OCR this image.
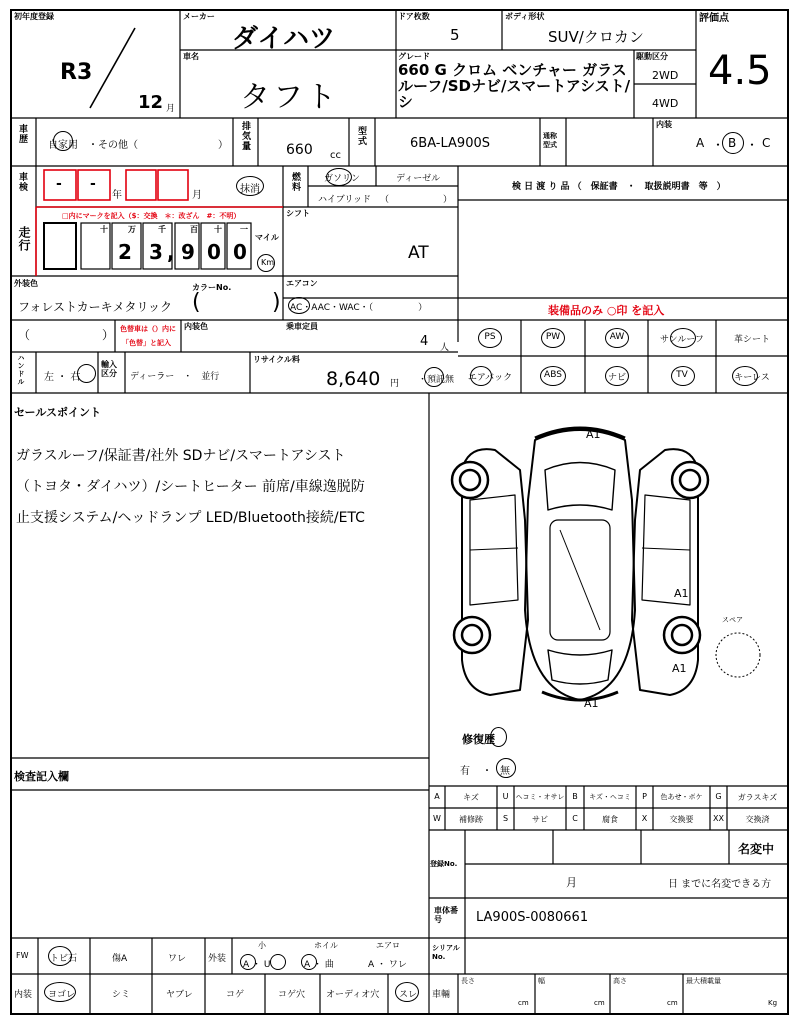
初年度登録
R3
12 月
メーカー
ダイハツ
ドア枚数
5
ボディ形状
SUV/クロカン
評価点
4.5
車名
タフト
グレード
660 G クロム ベンチャー ガラスルーフ/SDナビ/スマートアシスト/シ
駆動区分
2WD
4WD
車歴
自家用　・その他（　　　　　　　　） 排気量	660 cc
型式	6BA-LA900S	通称型式
内装
A ・ B ・ C
車検 - -
年	月
抹消	燃料	ガソリン	ディーゼル
ハイブリッド （　　　　　　）
検 日 渡 り 品 （　保証書　・　取扱説明書　等　）
走行
□内にマークを記入（$：交換　＊：改ざん　#：不明）
十	万	千	百 十 一
2 3 , 9 0 0
マイル
Km
シフト
AT
外装色	カラーNo.
フォレストカーキメタリック (	)
エアコン
AC・AAC・WAC・（　　　　　）	装備品のみ ○印 を記入
（　　　　　　） 色替車は（）内に
「色替」と記入
内装色	乗車定員
4 人
ハンドル 左 ・ 右
輸入区分	ディーラー　・　並行
リサイクル料
8,640 円 ・預託無
PS	PW	AW	サンルーフ	革シート
エアバック	ABS	ナビ	TV	キーレス
セールスポイント
ガラスルーフ/保証書/社外 SDナビ/スマートアシスト
（トヨタ・ダイハツ）/シートヒーター 前席/車線逸脱防
止支援システム/ヘッドランプ LED/Bluetooth接続/ETC
A1
A1
A1
A1
スペア
修復歴
有 ・ 無
検査記入欄
A	キズ	U	ヘコミ・オサレ B	キズ・ヘコミ	P	色あせ・ボケ	G	ガラスキズ
W	補修跡	S	サビ	C	腐食	X	交換要	XX	交換済
登録No.
名変中
月	日 までに名変できる方
車体番号	LA900S-0080661
FW トビ石	傷A	ワレ 外装
小	ホイル	エアロ
A ・ U	A ・ 曲	A ・ ワレ
シリアルNo.
内装 ヨゴレ	シミ	ヤブレ	コゲ	コゲ穴 オーディオ穴 スレ 車輛
長さ
cm
幅
cm
高さ
cm
最大積載量
Kg
